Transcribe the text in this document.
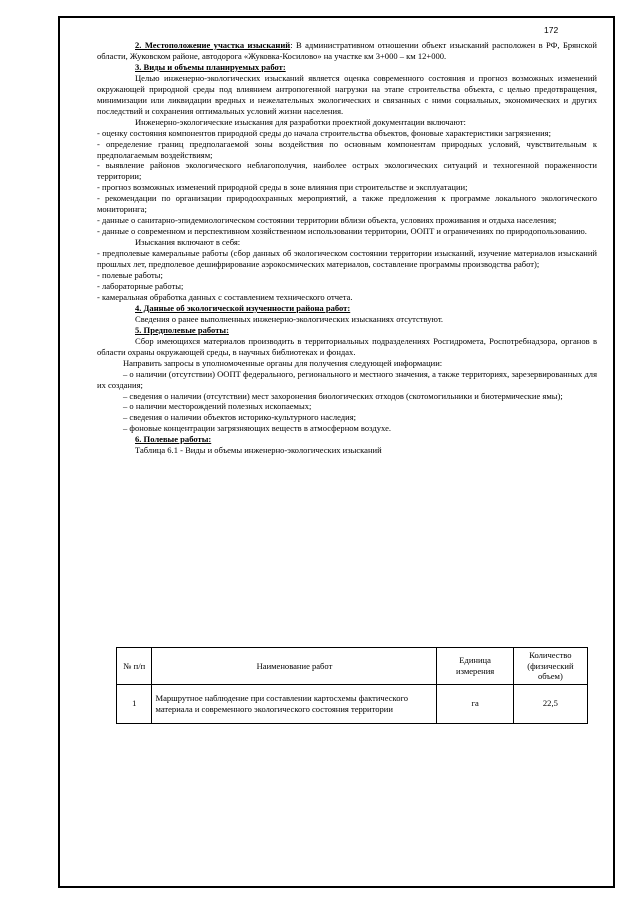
172

2. Местоположение участка изысканий: В административном отношении объект изысканий расположен в РФ, Брянской области, Жуковском районе, автодорога «Жуковка-Косилово» на участке км 3+000 – км 12+000.

3. Виды и объемы планируемых работ:

Целью инженерно-экологических изысканий является оценка современного состояния и прогноз возможных изменений окружающей природной среды под влиянием антропогенной нагрузки на этапе строительства объекта, с целью предотвращения, минимизации или ликвидации вредных и нежелательных экологических и связанных с ними социальных, экономических и других последствий и сохранения оптимальных условий жизни населения.

Инженерно-экологические изыскания для разработки проектной документации включают:

- оценку состояния компонентов природной среды до начала строительства объектов, фоновые характеристики загрязнения;

- определение границ предполагаемой зоны воздействия по основным компонентам природных условий, чувствительным к предполагаемым воздействиям;

- выявление районов экологического неблагополучия, наиболее острых экологических ситуаций и техногенной пораженности территории;

- прогноз возможных изменений природной среды в зоне влияния при строительстве и эксплуатации;

- рекомендации по организации природоохранных мероприятий, а также предложения к программе локального экологического мониторинга;

- данные о санитарно-эпидемиологическом состоянии территории вблизи объекта, условиях проживания и отдыха населения;

- данные о современном и перспективном хозяйственном использовании территории, ООПТ и ограничениях по природопользованию.

Изыскания включают в себя:

- предполевые камеральные работы (сбор данных об экологическом состоянии территории изысканий, изучение материалов изысканий прошлых лет, предполевое дешифрирование аэрокосмических материалов, составление программы производства работ);

- полевые работы;

- лабораторные работы;

- камеральная обработка данных с составлением технического отчета.

4. Данные об экологической изученности района работ:

Сведения о ранее выполненных инженерно-экологических изысканиях отсутствуют.

5. Предполевые работы:

Сбор имеющихся материалов производить в территориальных подразделениях Росгидромета, Роспотребнадзора, органов в области охраны окружающей среды, в научных библиотеках и фондах.

Направить запросы в уполномоченные органы для получения следующей информации:

– о наличии (отсутствии) ООПТ федерального, регионального и местного значения, а также территориях, зарезервированных для их создания;

– сведения о наличии (отсутствии) мест захоронения биологических отходов (скотомогильники и биотермические ямы);

– о наличии месторождений полезных ископаемых;

– сведения о наличии объектов историко-культурного наследия;

– фоновые концентрации загрязняющих веществ в атмосферном воздухе.

6. Полевые работы:

Таблица 6.1 - Виды и объемы инженерно-экологических изысканий

№ п/п	Наименование работ	Единица измерения	Количество (физический объем)
1	Маршрутное наблюдение при составлении картосхемы фактического материала и современного экологического состояния территории	га	22,5
